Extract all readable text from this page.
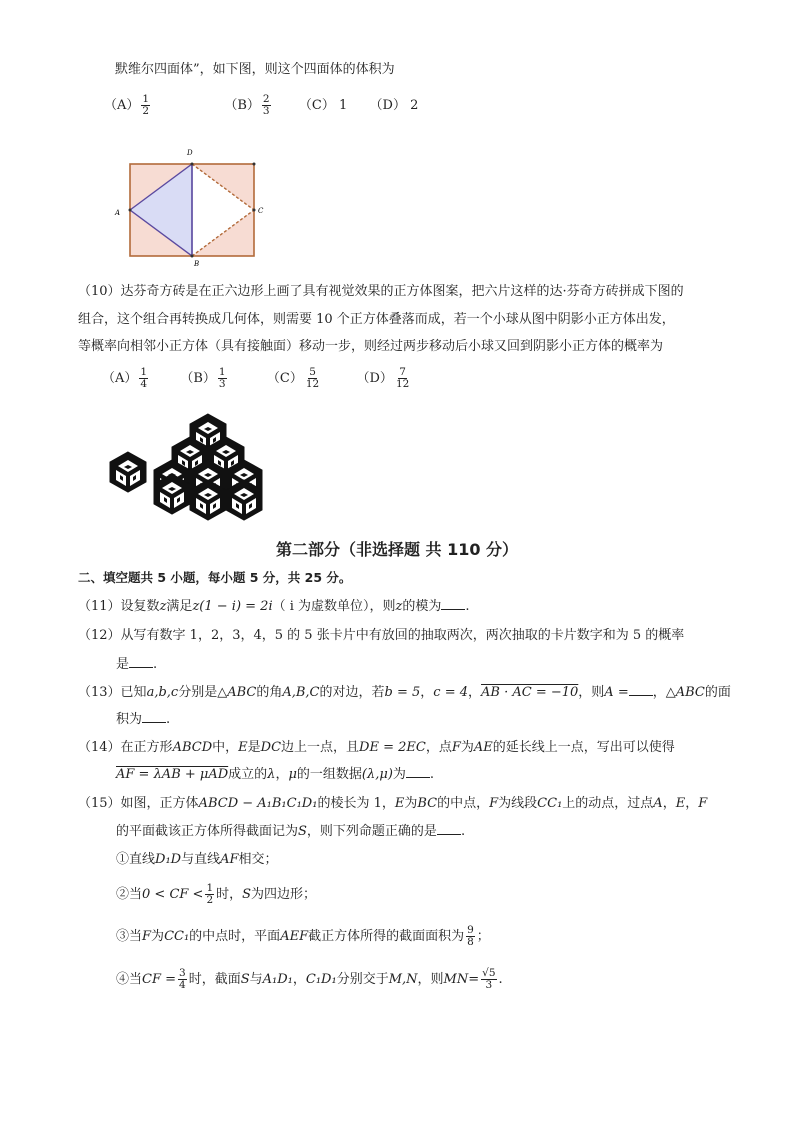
默维尔四面体”，如下图，则这个四面体的体积为
$(A) \frac{1}{2}$	$(B) \frac{2}{3} (C)$ 1 （D） 2
D
A	C
B
（10）达芬奇方砖是在正六边形上画了具有视觉效果的正方体图案，把六片这样的达·芬奇方砖拼成下图的
组合，这个组合再转换成几何体，则需要 10 个正方体叠落而成，若一个小球从图中阴影小正方体出发，
等概率向相邻小正方体（具有接触面）移动一步，则经过两步移动后小球又回到阴影小正方体的概率为
$(A) \frac{1}{4} (B) \frac{1}{3}$	$(C) \frac{5}{12}$	$(D) \frac{7}{12}$
第二部分（非选择题 共 110 分）
二、填空题共 5 小题，每小题 5 分，共 25 分。
（11）设复数z满足z(1 − i) = 2i（ i 为虚数单位），则z的模为 .
（12）从写有数字 1，2，3，4，5 的 5 张卡片中有放回的抽取两次，两次抽取的卡片数字和为 5 的概率
是 .
（13）已知a,b,c分别是△ABC的角A,B,C的对边，若b = 5，c = 4，AB · AC = −10，则A = ，△ABC的面
积为 .
（14）在正方形ABCD中，E是DC边上一点，且DE = 2EC，点F为AE的延长线上一点，写出可以使得
AF = λAB + μAD成立的λ，μ的一组数据(λ,μ)为 .
（15）如图，正方体ABCD − A₁B₁C₁D₁的棱长为 1，E为BC的中点，F为线段CC₁上的动点，过点A，E，F
的平面截该正方体所得截面记为S，则下列命题正确的是 .
①直线D₁D与直线AF相交；
②当0 < CF < $\frac{1}{2}$ 时，S为四边形；
③当F为CC₁的中点时，平面AEF截正方体所得的截面面积为 $\frac{9}{8}$ ；
④当CF = $\frac{3}{4}$ 时，截面S与A₁D₁，C₁D₁分别交于M,N，则$MN= \frac{√5}{3}$ .
